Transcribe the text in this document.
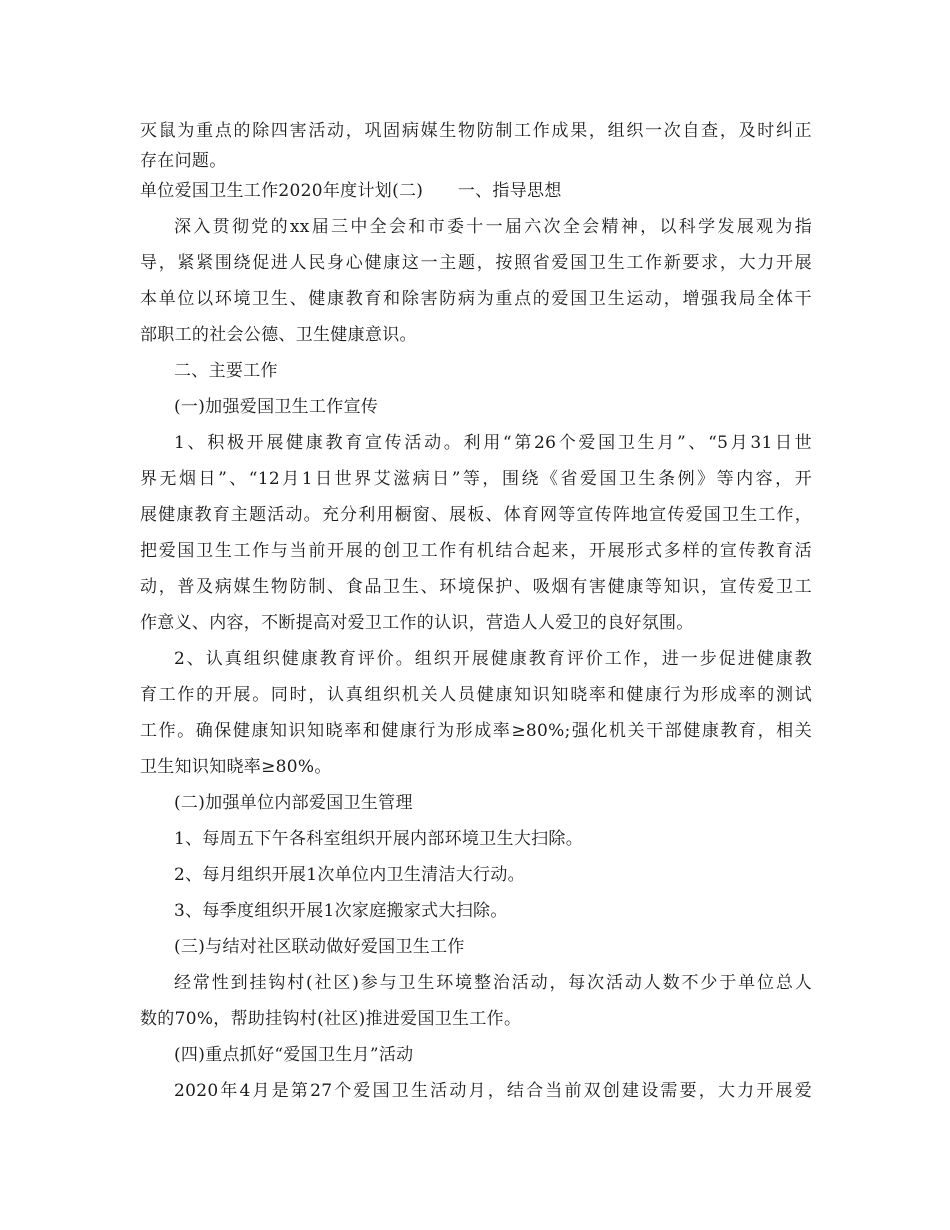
灭鼠为重点的除四害活动，巩固病媒生物防制工作成果，组织一次自查，及时纠正
存在问题。
单位爱国卫生工作2020年度计划(二)　　一、指导思想
深入贯彻党的xx届三中全会和市委十一届六次全会精神，以科学发展观为指
导，紧紧围绕促进人民身心健康这一主题，按照省爱国卫生工作新要求，大力开展
本单位以环境卫生、健康教育和除害防病为重点的爱国卫生运动，增强我局全体干
部职工的社会公德、卫生健康意识。
二、主要工作
(一)加强爱国卫生工作宣传
1、积极开展健康教育宣传活动。利用“第26个爱国卫生月”、“5月31日世
界无烟日”、“12月1日世界艾滋病日”等，围绕《省爱国卫生条例》等内容，开
展健康教育主题活动。充分利用橱窗、展板、体育网等宣传阵地宣传爱国卫生工作，
把爱国卫生工作与当前开展的创卫工作有机结合起来，开展形式多样的宣传教育活
动，普及病媒生物防制、食品卫生、环境保护、吸烟有害健康等知识，宣传爱卫工
作意义、内容，不断提高对爱卫工作的认识，营造人人爱卫的良好氛围。
2、认真组织健康教育评价。组织开展健康教育评价工作，进一步促进健康教
育工作的开展。同时，认真组织机关人员健康知识知晓率和健康行为形成率的测试
工作。确保健康知识知晓率和健康行为形成率≥80%;强化机关干部健康教育，相关
卫生知识知晓率≥80%。
(二)加强单位内部爱国卫生管理
1、每周五下午各科室组织开展内部环境卫生大扫除。
2、每月组织开展1次单位内卫生清洁大行动。
3、每季度组织开展1次家庭搬家式大扫除。
(三)与结对社区联动做好爱国卫生工作
经常性到挂钩村(社区)参与卫生环境整治活动，每次活动人数不少于单位总人
数的70%，帮助挂钩村(社区)推进爱国卫生工作。
(四)重点抓好“爱国卫生月”活动
2020年4月是第27个爱国卫生活动月，结合当前双创建设需要，大力开展爱
